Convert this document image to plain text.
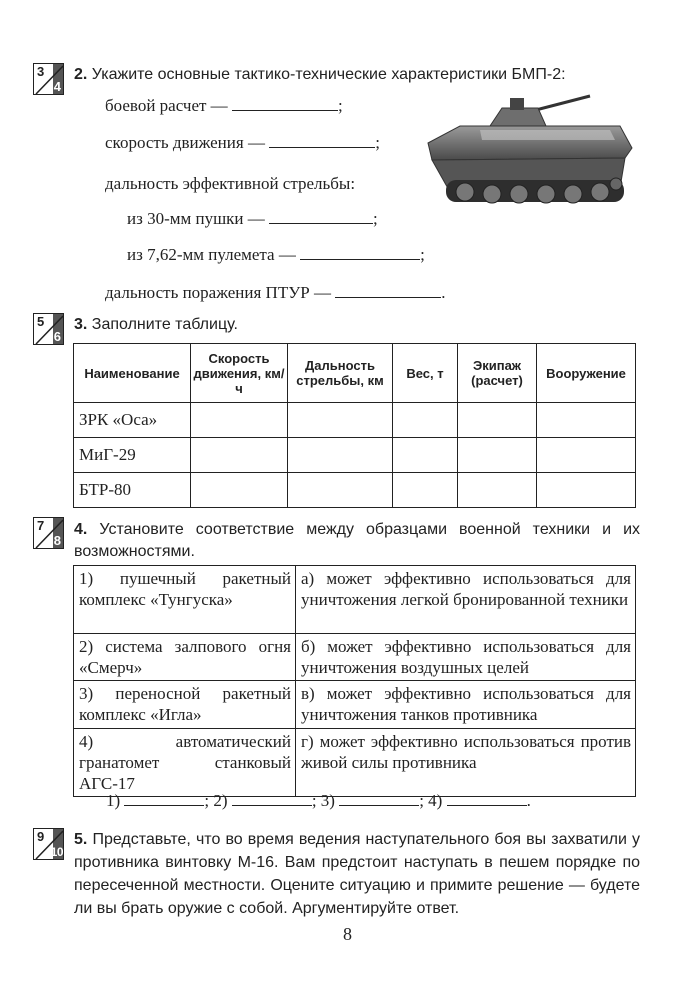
3
4
2. Укажите основные тактико-технические характеристики БМП-2:
боевой расчет —	;
скорость движения —	;
дальность эффективной стрельбы:
из 30-мм пушки —	;
из 7,62-мм пулемета —	;
дальность поражения ПТУР —	.
5
6
3. Заполните таблицу.
Наименование	Скорость движения, км/ч	Дальность стрельбы, км	Вес, т	Экипаж (расчет)	Вооружение
ЗРК «Оса»					
МиГ-29					
БТР-80					
7
8
4. Установите соответствие между образцами военной техники и их возможностями.
1) пушечный ракетный комплекс «Тунгуска»	а) может эффективно использоваться для уничтожения легкой бронированной техники
2) система залпового огня «Смерч»	б) может эффективно использоваться для уничтожения воздушных целей
3) переносной ракетный комплекс «Игла»	в) может эффективно использоваться для уничтожения танков противника
4) автоматический гранатомет станковый АГС-17	г) может эффективно использоваться против живой силы противника
1)	; 2)	; 3)	; 4)	.
9
10
5. Представьте, что во время ведения наступательного боя вы захватили у противника винтовку М-16. Вам предстоит наступать в пешем порядке по пересеченной местности. Оцените ситуацию и примите решение — будете ли вы брать оружие с собой. Аргументируйте ответ.
8
